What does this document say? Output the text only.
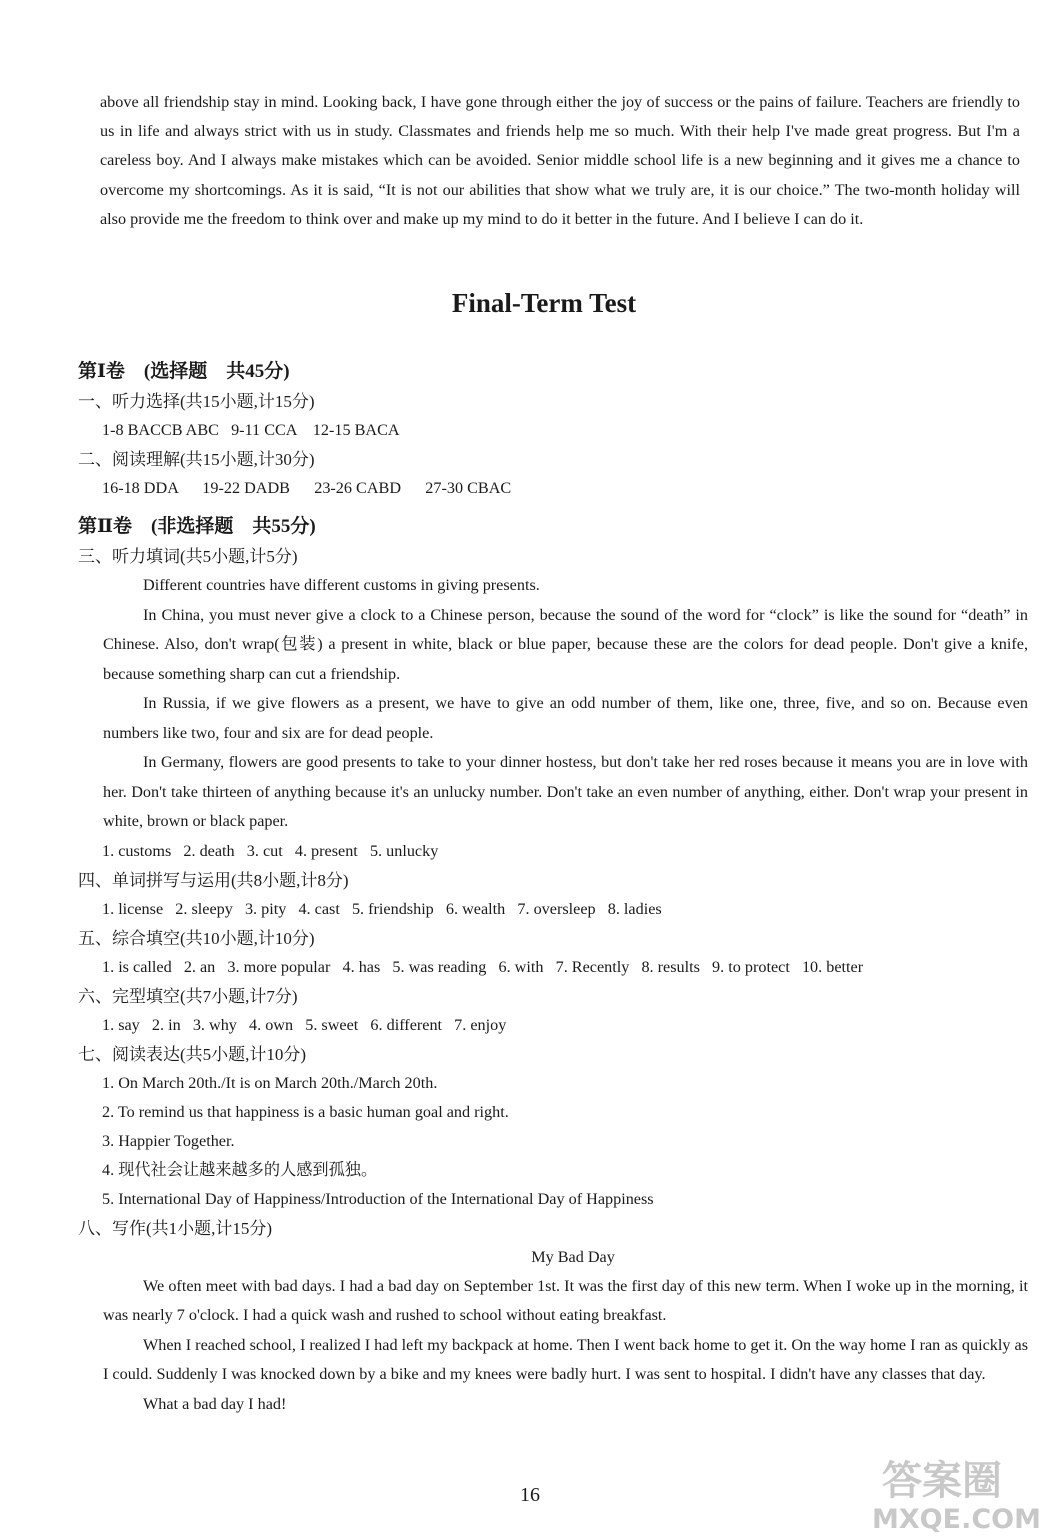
above all friendship stay in mind. Looking back, I have gone through either the joy of success or the pains of failure. Teachers are friendly to us in life and always strict with us in study. Classmates and friends help me so much. With their help I've made great progress. But I'm a careless boy. And I always make mistakes which can be avoided. Senior middle school life is a new beginning and it gives me a chance to overcome my shortcomings. As it is said, “It is not our abilities that show what we truly are, it is our choice.” The two-month holiday will also provide me the freedom to think over and make up my mind to do it better in the future. And I believe I can do it.
Final-Term Test
第Ⅰ卷　(选择题　共45分)
一、听力选择(共15小题,计15分)
1-8 BACCB ABC   9-11 CCA    12-15 BACA
二、阅读理解(共15小题,计30分)
16-18 DDA      19-22 DADB      23-26 CABD      27-30 CBAC
第Ⅱ卷　(非选择题　共55分)
三、听力填词(共5小题,计5分)
Different countries have different customs in giving presents.
In China, you must never give a clock to a Chinese person, because the sound of the word for “clock” is like the sound for “death” in Chinese. Also, don't wrap(包装) a present in white, black or blue paper, because these are the colors for dead people. Don't give a knife, because something sharp can cut a friendship.
In Russia, if we give flowers as a present, we have to give an odd number of them, like one, three, five, and so on. Because even numbers like two, four and six are for dead people.
In Germany, flowers are good presents to take to your dinner hostess, but don't take her red roses because it means you are in love with her. Don't take thirteen of anything because it's an unlucky number. Don't take an even number of anything, either. Don't wrap your present in white, brown or black paper.
1. customs   2. death   3. cut   4. present   5. unlucky
四、单词拼写与运用(共8小题,计8分)
1. license   2. sleepy   3. pity   4. cast   5. friendship   6. wealth   7. oversleep   8. ladies
五、综合填空(共10小题,计10分)
1. is called   2. an   3. more popular   4. has   5. was reading   6. with   7. Recently   8. results   9. to protect   10. better
六、完型填空(共7小题,计7分)
1. say   2. in   3. why   4. own   5. sweet   6. different   7. enjoy
七、阅读表达(共5小题,计10分)
1. On March 20th./It is on March 20th./March 20th.
2. To remind us that happiness is a basic human goal and right.
3. Happier Together.
4. 现代社会让越来越多的人感到孤独。
5. International Day of Happiness/Introduction of the International Day of Happiness
八、写作(共1小题,计15分)
My Bad Day
We often meet with bad days. I had a bad day on September 1st. It was the first day of this new term. When I woke up in the morning, it was nearly 7 o'clock. I had a quick wash and rushed to school without eating breakfast.
When I reached school, I realized I had left my backpack at home. Then I went back home to get it. On the way home I ran as quickly as I could. Suddenly I was knocked down by a bike and my knees were badly hurt. I was sent to hospital. I didn't have any classes that day.
What a bad day I had!
16	答案圈
MXQE.COM
